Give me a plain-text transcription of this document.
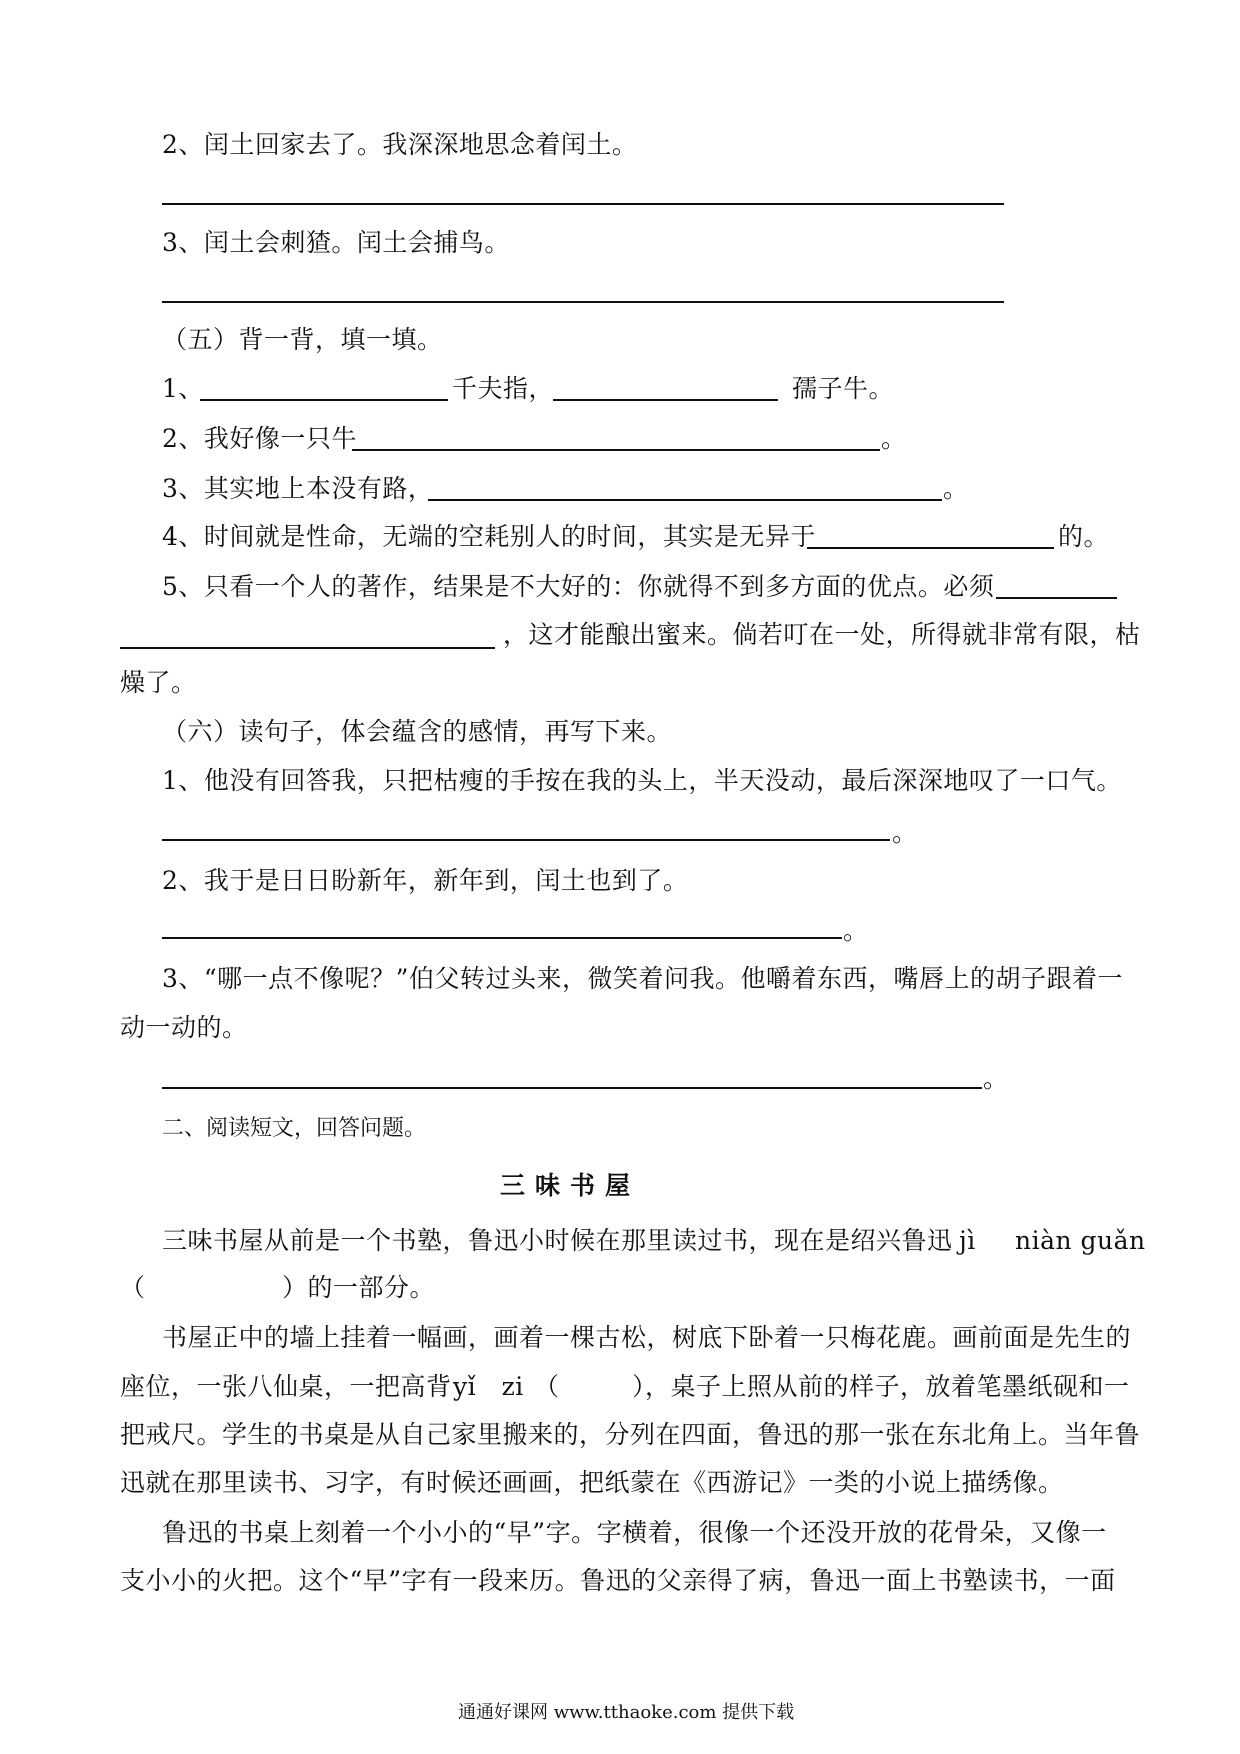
2、闰土回家去了。我深深地思念着闰土。
3、闰土会刺猹。闰土会捕鸟。
（五）背一背，填一填。
1、	千夫指，	孺子牛。
2、我好像一只牛	。
3、其实地上本没有路，	。
4、时间就是性命，无端的空耗别人的时间，其实是无异于	的。
5、只看一个人的著作，结果是不大好的：你就得不到多方面的优点。必须
，这才能酿出蜜来。倘若叮在一处，所得就非常有限，枯
燥了。
（六）读句子，体会蕴含的感情，再写下来。
1、他没有回答我，只把枯瘦的手按在我的头上，半天没动，最后深深地叹了一口气。
。
2、我于是日日盼新年，新年到，闰土也到了。
。
3、“哪一点不像呢？”伯父转过头来，微笑着问我。他嚼着东西，嘴唇上的胡子跟着一
动一动的。
。
二、阅读短文，回答问题。
三味书屋
三味书屋从前是一个书塾，鲁迅小时候在那里读过书，现在是绍兴鲁迅 jì niàn guǎn
（	）的一部分。
书屋正中的墙上挂着一幅画，画着一棵古松，树底下卧着一只梅花鹿。画前面是先生的
座位，一张八仙桌，一把高背 yǐ　zi （	），桌子上照从前的样子，放着笔墨纸砚和一
把戒尺。学生的书桌是从自己家里搬来的，分列在四面，鲁迅的那一张在东北角上。当年鲁
迅就在那里读书、习字，有时候还画画，把纸蒙在《西游记》一类的小说上描绣像。
鲁迅的书桌上刻着一个小小的“早”字。字横着，很像一个还没开放的花骨朵，又像一
支小小的火把。这个“早”字有一段来历。鲁迅的父亲得了病，鲁迅一面上书塾读书，一面
通通好课网 www.tthaoke.com 提供下载
